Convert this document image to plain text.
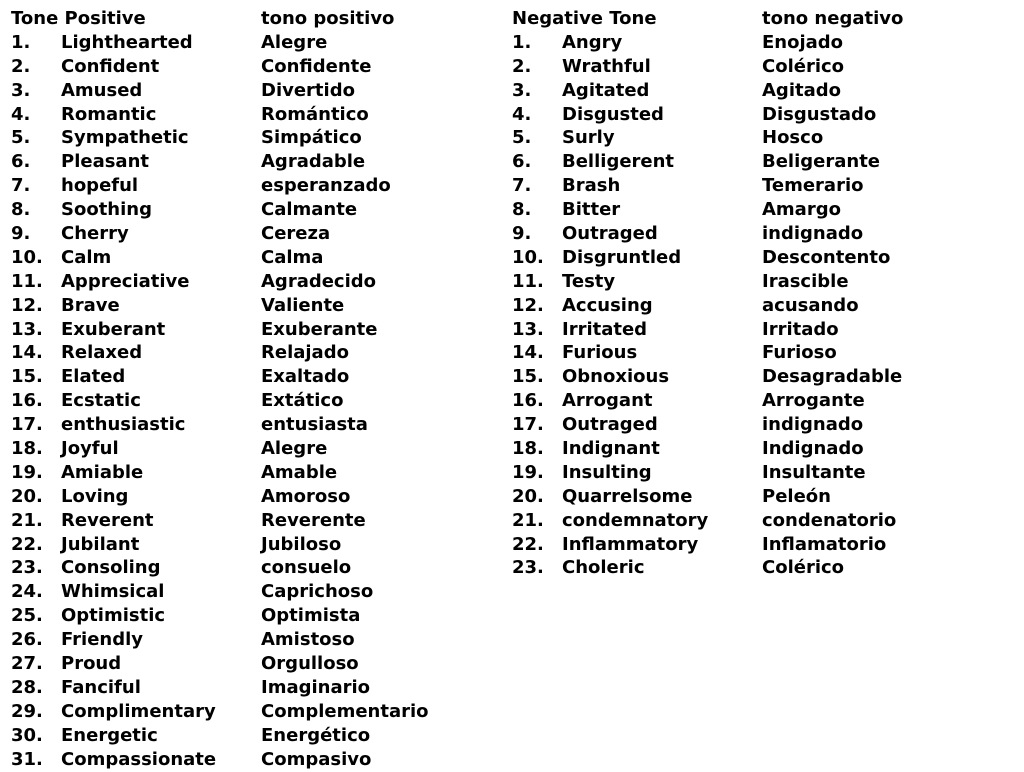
Tone Positive	tono positivo
1.	Lighthearted	Alegre
2.	Confident	Confidente
3.	Amused	Divertido
4.	Romantic	Romántico
5.	Sympathetic	Simpático
6.	Pleasant	Agradable
7.	hopeful	esperanzado
8.	Soothing	Calmante
9.	Cherry	Cereza
10.	Calm	Calma
11.	Appreciative	Agradecido
12.	Brave	Valiente
13.	Exuberant	Exuberante
14.	Relaxed	Relajado
15.	Elated	Exaltado
16.	Ecstatic	Extático
17.	enthusiastic	entusiasta
18.	Joyful	Alegre
19.	Amiable	Amable
20.	Loving	Amoroso
21.	Reverent	Reverente
22.	Jubilant	Jubiloso
23.	Consoling	consuelo
24.	Whimsical	Caprichoso
25.	Optimistic	Optimista
26.	Friendly	Amistoso
27.	Proud	Orgulloso
28.	Fanciful	Imaginario
29.	Complimentary	Complementario
30.	Energetic	Energético
31.	Compassionate	Compasivo
Negative Tone	tono negativo
1.	Angry	Enojado
2.	Wrathful	Colérico
3.	Agitated	Agitado
4.	Disgusted	Disgustado
5.	Surly	Hosco
6.	Belligerent	Beligerante
7.	Brash	Temerario
8.	Bitter	Amargo
9.	Outraged	indignado
10.	Disgruntled	Descontento
11.	Testy	Irascible
12.	Accusing	acusando
13.	Irritated	Irritado
14.	Furious	Furioso
15.	Obnoxious	Desagradable
16.	Arrogant	Arrogante
17.	Outraged	indignado
18.	Indignant	Indignado
19.	Insulting	Insultante
20.	Quarrelsome	Peleón
21.	condemnatory	condenatorio
22.	Inflammatory	Inflamatorio
23.	Choleric	Colérico
